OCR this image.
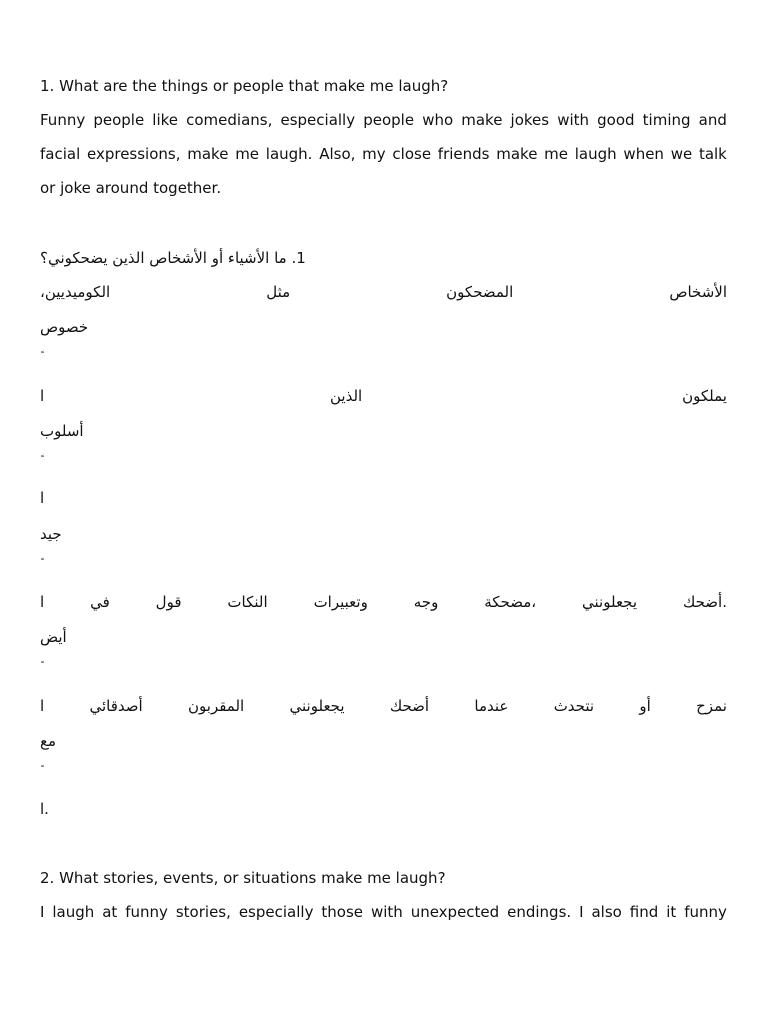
1. What are the things or people that make me laugh?
Funny people like comedians, especially people who make jokes with good timing and
facial expressions, make me laugh. Also, my close friends make me laugh when we talk
or joke around together.
1. ما الأشياء أو الأشخاص الذين يضحكوني؟
الأشخاص
المضحكون
مثل
الكوميديين،
خصوص
ا	الذين	يملكون
أسلوب
ا
جيد
ا	في	قول	النكات	وتعبيرات	وجه	مضحكة،	يجعلونني	أضحك.
أيض
ا	أصدقائي	المقربون	يجعلونني	أضحك	عندما	نتحدث	أو	نمزح
مع
ا.
2. What stories, events, or situations make me laugh?
I laugh at funny stories, especially those with unexpected endings. I also find it funny
